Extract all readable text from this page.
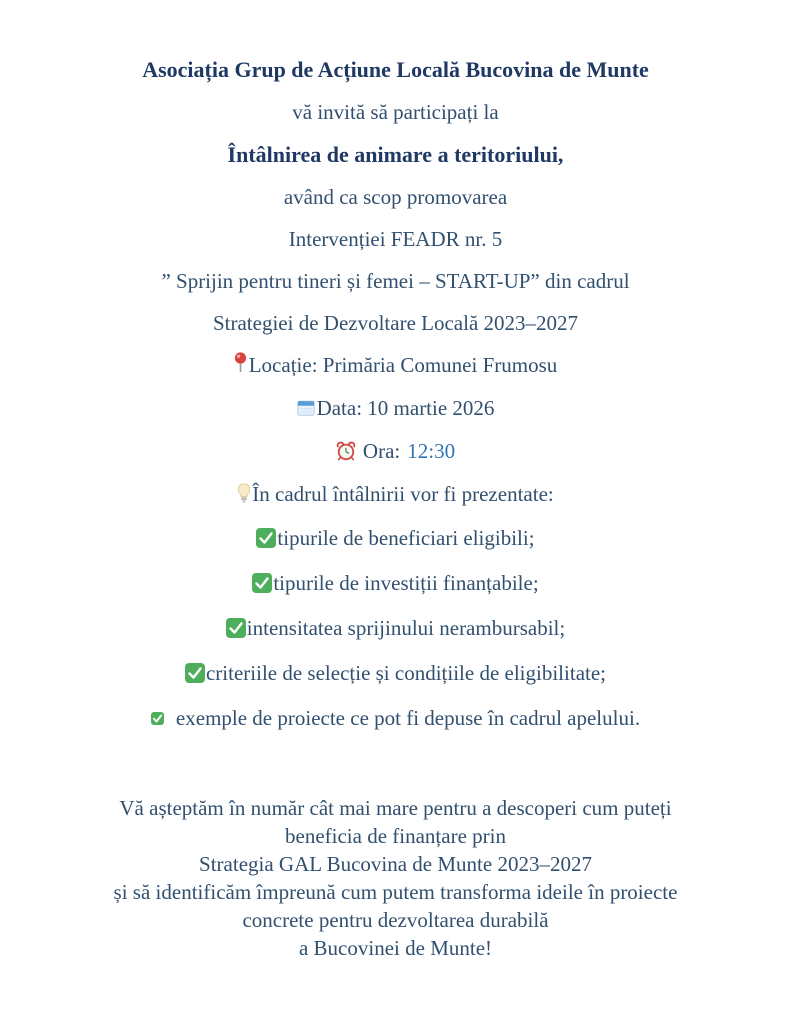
Asociația Grup de Acțiune Locală Bucovina de Munte

vă invită să participați la

Întâlnirea de animare a teritoriului,

având ca scop promovarea

Intervenției FEADR nr. 5

” Sprijin pentru tineri și femei – START-UP” din cadrul

Strategiei de Dezvoltare Locală 2023–2027

Locație: Primăria Comunei Frumosu

Data: 10 martie 2026

Ora: 12:30

În cadrul întâlnirii vor fi prezentate:

tipurile de beneficiari eligibili;

tipurile de investiții finanțabile;

intensitatea sprijinului nerambursabil;

criteriile de selecție și condițiile de eligibilitate;

exemple de proiecte ce pot fi depuse în cadrul apelului.

Vă așteptăm în număr cât mai mare pentru a descoperi cum puteți

beneficia de finanțare prin

Strategia GAL Bucovina de Munte 2023–2027

și să identificăm împreună cum putem transforma ideile în proiecte

concrete pentru dezvoltarea durabilă

a Bucovinei de Munte!
